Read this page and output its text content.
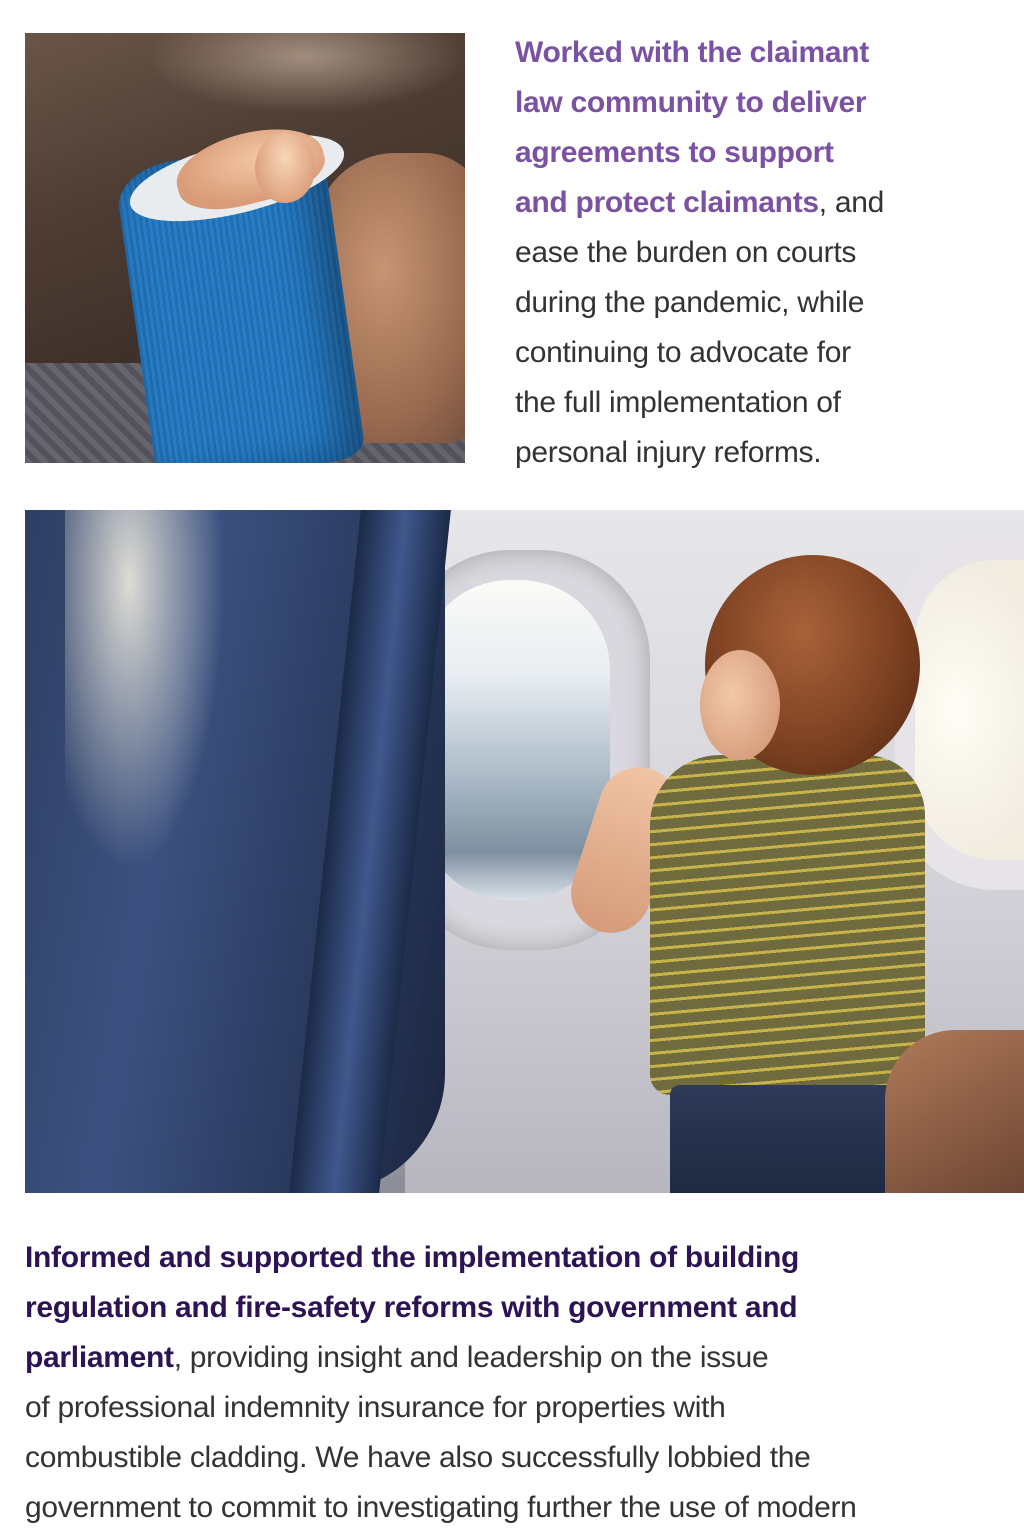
Worked with the claimant
law community to deliver
agreements to support
and protect claimants, and
ease the burden on courts
during the pandemic, while
continuing to advocate for
the full implementation of
personal injury reforms.

Informed and supported the implementation of building
regulation and fire-safety reforms with government and
parliament, providing insight and leadership on the issue
of professional indemnity insurance for properties with
combustible cladding. We have also successfully lobbied the
government to commit to investigating further the use of modern
